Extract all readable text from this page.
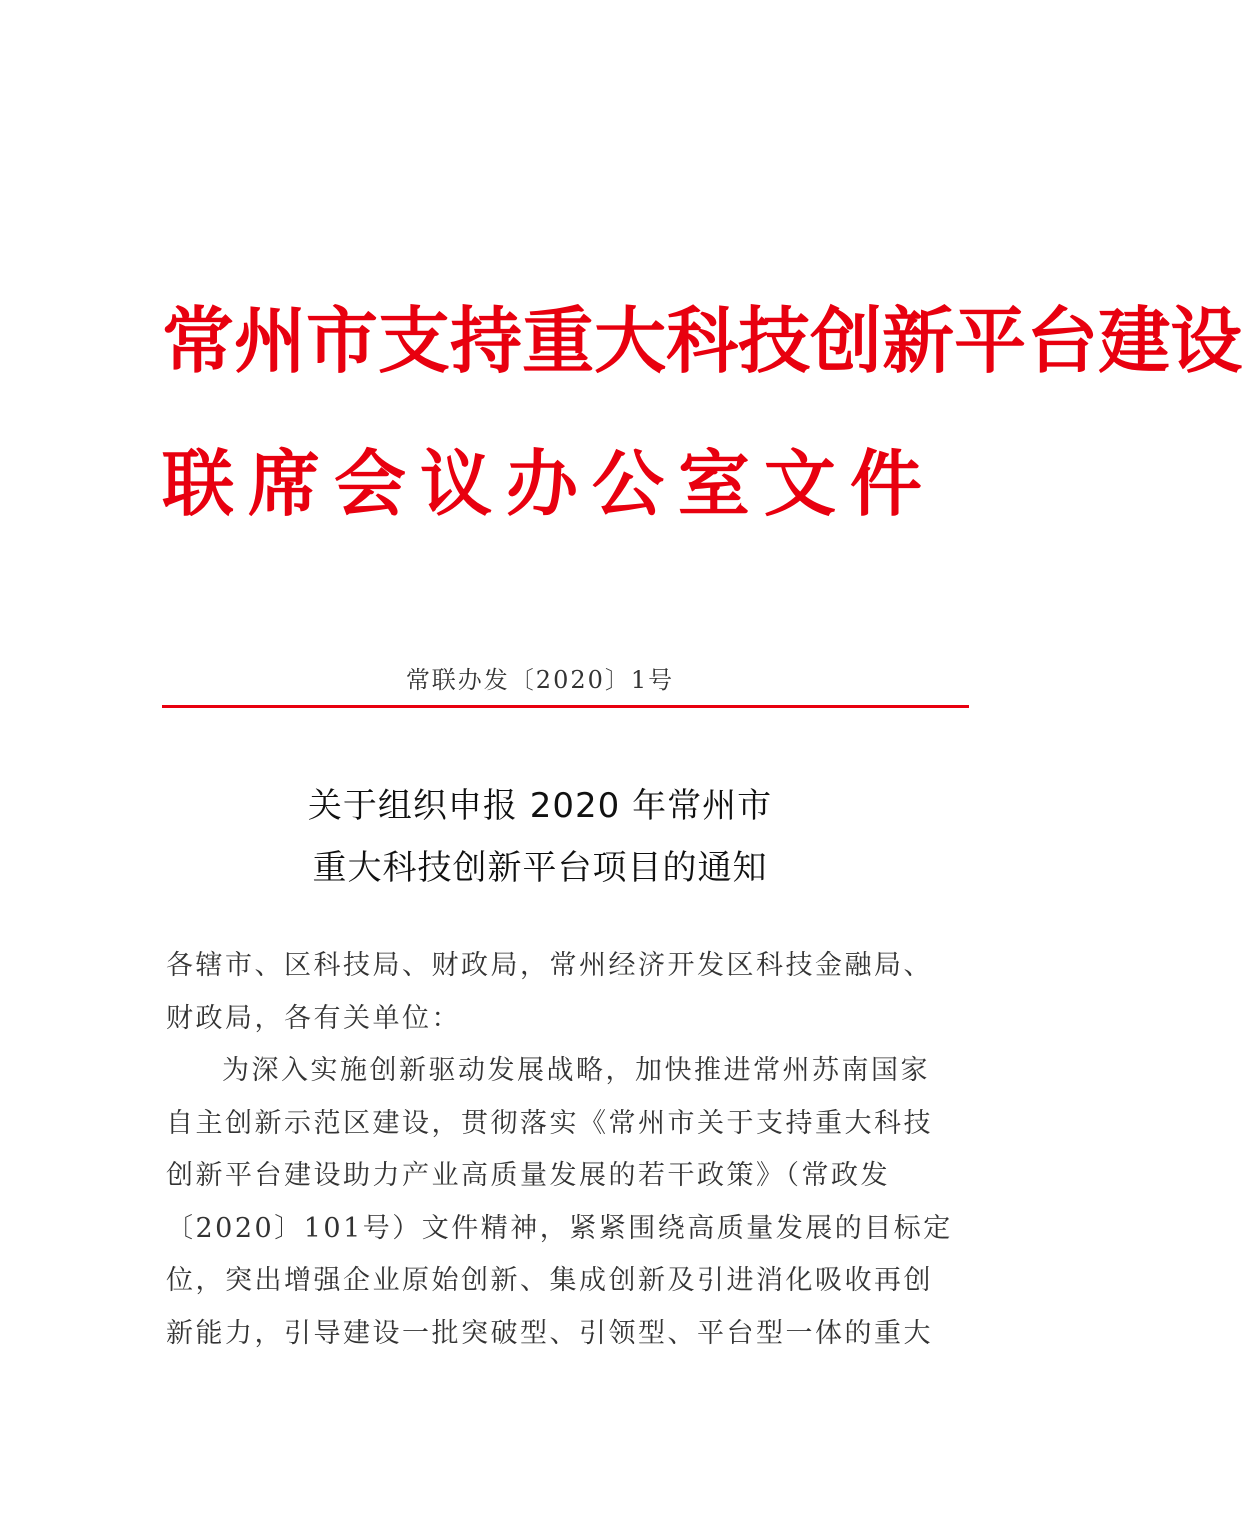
常 州 市 支 持 重 大 科 技 创 新 平 台 建 设
联 席 会 议 办 公 室 文 件
常联办发〔2020〕1号
关于组织申报 2020 年常州市
重大科技创新平台项目的通知
各辖市、区科技局、财政局，常州经济开发区科技金融局、
财政局，各有关单位：
为深入实施创新驱动发展战略，加快推进常州苏南国家
自主创新示范区建设，贯彻落实《常州市关于支持重大科技
创新平台建设助力产业高质量发展的若干政策》（常政发
〔2020〕101号）文件精神，紧紧围绕高质量发展的目标定
位，突出增强企业原始创新、集成创新及引进消化吸收再创
新能力，引导建设一批突破型、引领型、平台型一体的重大
